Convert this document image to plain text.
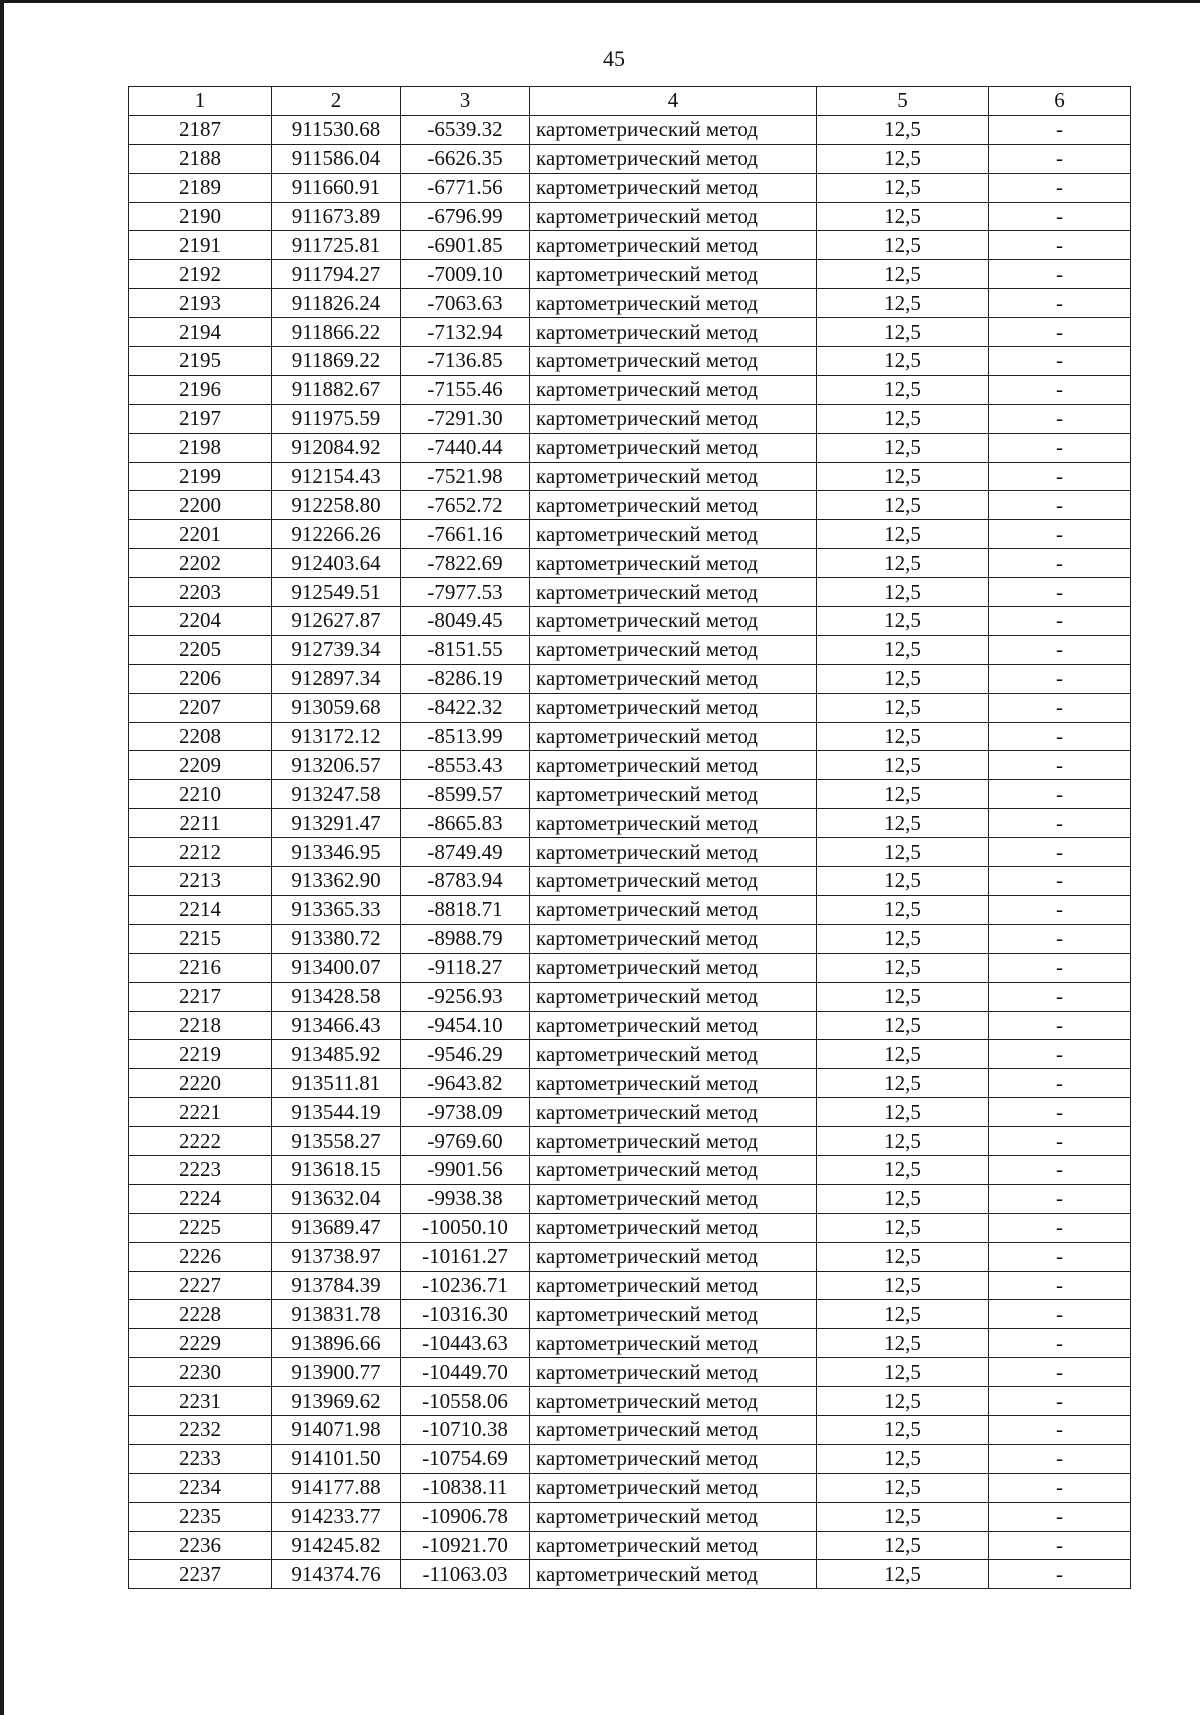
45
1	2	3	4	5	6
2187	911530.68	-6539.32	картометрический метод	12,5	-
2188	911586.04	-6626.35	картометрический метод	12,5	-
2189	911660.91	-6771.56	картометрический метод	12,5	-
2190	911673.89	-6796.99	картометрический метод	12,5	-
2191	911725.81	-6901.85	картометрический метод	12,5	-
2192	911794.27	-7009.10	картометрический метод	12,5	-
2193	911826.24	-7063.63	картометрический метод	12,5	-
2194	911866.22	-7132.94	картометрический метод	12,5	-
2195	911869.22	-7136.85	картометрический метод	12,5	-
2196	911882.67	-7155.46	картометрический метод	12,5	-
2197	911975.59	-7291.30	картометрический метод	12,5	-
2198	912084.92	-7440.44	картометрический метод	12,5	-
2199	912154.43	-7521.98	картометрический метод	12,5	-
2200	912258.80	-7652.72	картометрический метод	12,5	-
2201	912266.26	-7661.16	картометрический метод	12,5	-
2202	912403.64	-7822.69	картометрический метод	12,5	-
2203	912549.51	-7977.53	картометрический метод	12,5	-
2204	912627.87	-8049.45	картометрический метод	12,5	-
2205	912739.34	-8151.55	картометрический метод	12,5	-
2206	912897.34	-8286.19	картометрический метод	12,5	-
2207	913059.68	-8422.32	картометрический метод	12,5	-
2208	913172.12	-8513.99	картометрический метод	12,5	-
2209	913206.57	-8553.43	картометрический метод	12,5	-
2210	913247.58	-8599.57	картометрический метод	12,5	-
2211	913291.47	-8665.83	картометрический метод	12,5	-
2212	913346.95	-8749.49	картометрический метод	12,5	-
2213	913362.90	-8783.94	картометрический метод	12,5	-
2214	913365.33	-8818.71	картометрический метод	12,5	-
2215	913380.72	-8988.79	картометрический метод	12,5	-
2216	913400.07	-9118.27	картометрический метод	12,5	-
2217	913428.58	-9256.93	картометрический метод	12,5	-
2218	913466.43	-9454.10	картометрический метод	12,5	-
2219	913485.92	-9546.29	картометрический метод	12,5	-
2220	913511.81	-9643.82	картометрический метод	12,5	-
2221	913544.19	-9738.09	картометрический метод	12,5	-
2222	913558.27	-9769.60	картометрический метод	12,5	-
2223	913618.15	-9901.56	картометрический метод	12,5	-
2224	913632.04	-9938.38	картометрический метод	12,5	-
2225	913689.47	-10050.10	картометрический метод	12,5	-
2226	913738.97	-10161.27	картометрический метод	12,5	-
2227	913784.39	-10236.71	картометрический метод	12,5	-
2228	913831.78	-10316.30	картометрический метод	12,5	-
2229	913896.66	-10443.63	картометрический метод	12,5	-
2230	913900.77	-10449.70	картометрический метод	12,5	-
2231	913969.62	-10558.06	картометрический метод	12,5	-
2232	914071.98	-10710.38	картометрический метод	12,5	-
2233	914101.50	-10754.69	картометрический метод	12,5	-
2234	914177.88	-10838.11	картометрический метод	12,5	-
2235	914233.77	-10906.78	картометрический метод	12,5	-
2236	914245.82	-10921.70	картометрический метод	12,5	-
2237	914374.76	-11063.03	картометрический метод	12,5	-
